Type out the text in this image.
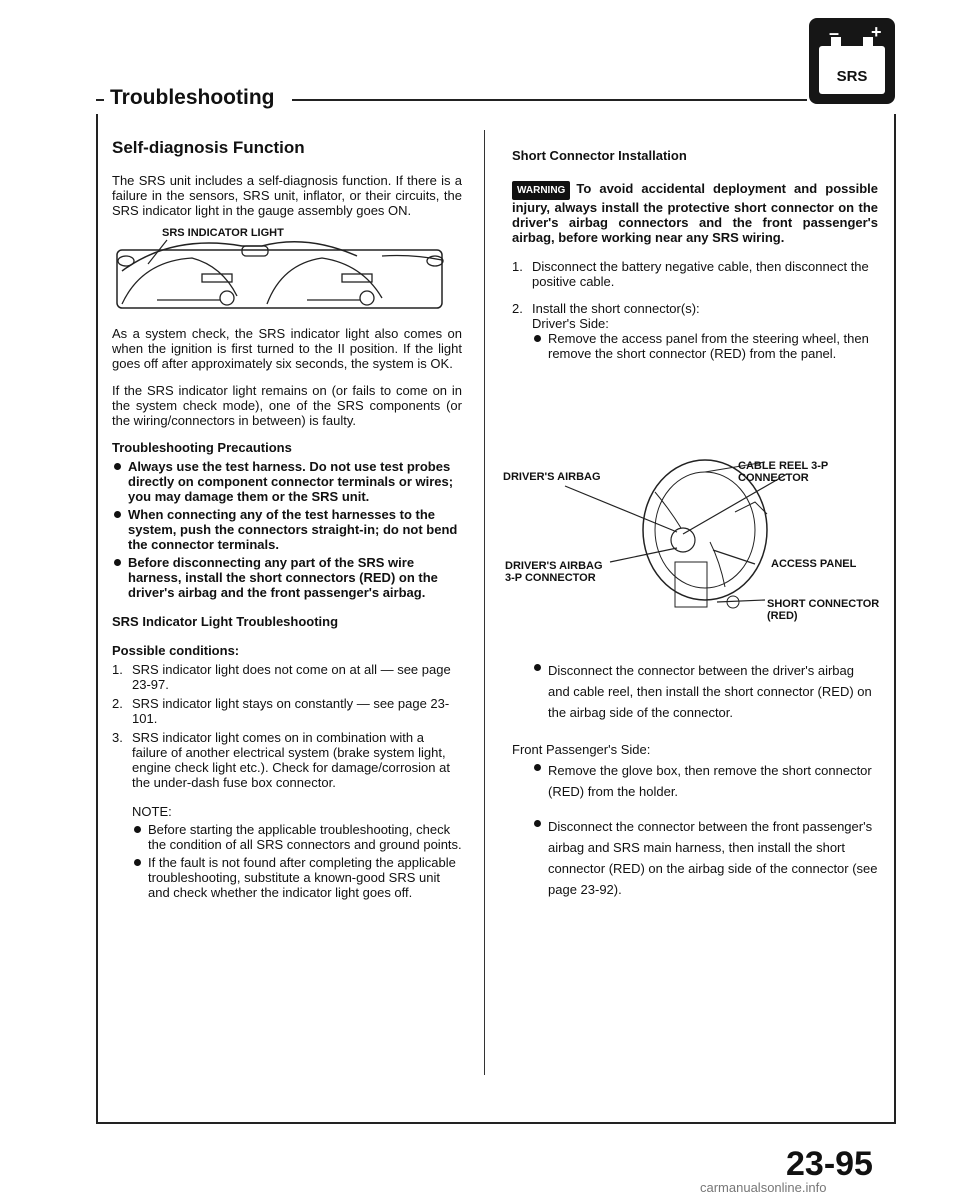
– +
SRS
Troubleshooting
Self-diagnosis Function

The SRS unit includes a self-diagnosis function. If there is a failure in the sensors, SRS unit, inflator, or their circuits, the SRS indicator light in the gauge assembly goes ON.

SRS INDICATOR LIGHT

As a system check, the SRS indicator light also comes on when the ignition is first turned to the II position. If the light goes off after approximately six seconds, the system is OK.

If the SRS indicator light remains on (or fails to come on in the system check mode), one of the SRS components (or the wiring/connectors in between) is faulty.

Troubleshooting Precautions
Always use the test harness. Do not use test probes directly on component connector terminals or wires; you may damage them or the SRS unit.
When connecting any of the test harnesses to the system, push the connectors straight-in; do not bend the connector terminals.
Before disconnecting any part of the SRS wire harness, install the short connectors (RED) on the driver's airbag and the front passenger's airbag.
SRS Indicator Light Troubleshooting
Possible conditions:
1. SRS indicator light does not come on at all — see page 23-97.
2. SRS indicator light stays on constantly — see page 23-101.
3. SRS indicator light comes on in combination with a failure of another electrical system (brake system light, engine check light etc.). Check for damage/corrosion at the under-dash fuse box connector.
NOTE:
Before starting the applicable troubleshooting, check the condition of all SRS connectors and ground points.
If the fault is not found after completing the applicable troubleshooting, substitute a known-good SRS unit and check whether the indicator light goes off.
Short Connector Installation

WARNING To avoid accidental deployment and possible injury, always install the protective short connector on the driver's airbag connectors and the front passenger's airbag, before working near any SRS wiring.

1. Disconnect the battery negative cable, then disconnect the positive cable.
2. Install the short connector(s):
Driver's Side:
Remove the access panel from the steering wheel, then remove the short connector (RED) from the panel.
DRIVER'S AIRBAG
CABLE REEL 3-P CONNECTOR
ACCESS PANEL
DRIVER'S AIRBAG 3-P CONNECTOR
SHORT CONNECTOR (RED)
Disconnect the connector between the driver's airbag and cable reel, then install the short connector (RED) on the airbag side of the connector.
Front Passenger's Side:
Remove the glove box, then remove the short connector (RED) from the holder.
Disconnect the connector between the front passenger's airbag and SRS main harness, then install the short connector (RED) on the airbag side of the connector (see page 23-92).
23-95
carmanualsonline.info
